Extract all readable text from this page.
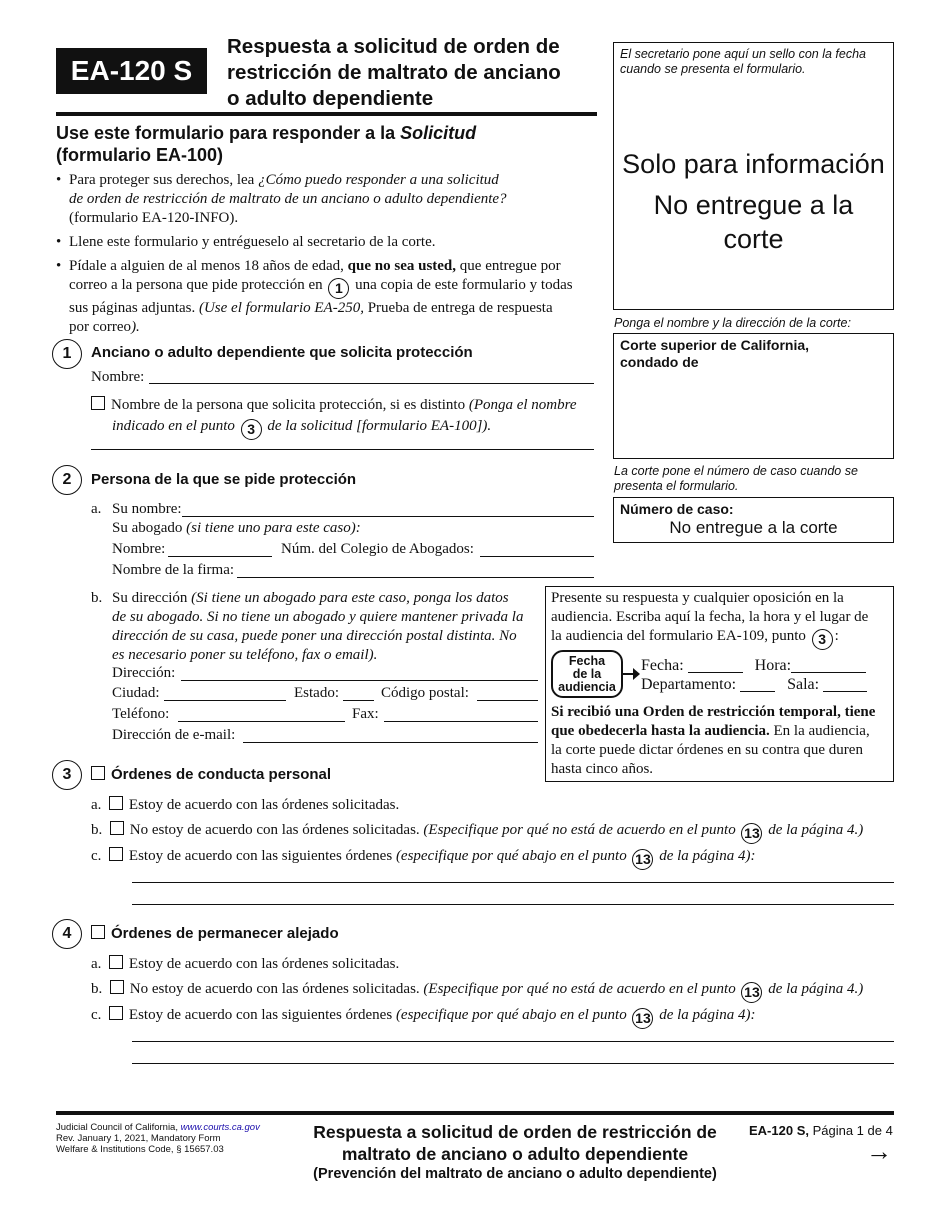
EA-120 S
Respuesta a solicitud de orden de
restricción de maltrato de anciano
o adulto dependiente
El secretario pone aquí un sello con la fecha
cuando se presenta el formulario.
Solo para información
No entregue a la
corte
Ponga el nombre y la dirección de la corte:
Corte superior de California,
condado de
La corte pone el número de caso cuando se
presenta el formulario.
Número de caso:
No entregue a la corte
Use este formulario para responder a la Solicitud
(formulario EA-100)
• Para proteger sus derechos, lea ¿Cómo puedo responder a una solicitud
de orden de restricción de maltrato de un anciano o adulto dependiente?
(formulario EA-120-INFO).
• Llene este formulario y entrégueselo al secretario de la corte.
• Pídale a alguien de al menos 18 años de edad, que no sea usted, que entregue por
correo a la persona que pide protección en 1 una copia de este formulario y todas
sus páginas adjuntas. (Use el formulario EA-250, Prueba de entrega de respuesta
por correo).
1	Anciano o adulto dependiente que solicita protección
Nombre:
Nombre de la persona que solicita protección, si es distinto (Ponga el nombre
indicado en el punto 3 de la solicitud [formulario EA-100]).
2	Persona de la que se pide protección
a. Su nombre:
Su abogado (si tiene uno para este caso):
Nombre:	Núm. del Colegio de Abogados:
Nombre de la firma:
b. Su dirección (Si tiene un abogado para este caso, ponga los datos
de su abogado. Si no tiene un abogado y quiere mantener privada la
dirección de su casa, puede poner una dirección postal distinta. No
es necesario poner su teléfono, fax o email).
Dirección:
Ciudad:	Estado:	Código postal:
Teléfono:	Fax:
Dirección de e-mail:
Presente su respuesta y cualquier oposición en la
audiencia. Escriba aquí la fecha, la hora y el lugar de
la audiencia del formulario EA-109, punto 3 :
Fecha
de la
audiencia
Fecha:	Hora:
Departamento:	Sala:
Si recibió una Orden de restricción temporal, tiene
que obedecerla hasta la audiencia. En la audiencia,
la corte puede dictar órdenes en su contra que duren
hasta cinco años.
3	Órdenes de conducta personal
a.  Estoy de acuerdo con las órdenes solicitadas.
b.  No estoy de acuerdo con las órdenes solicitadas. (Especifique por qué no está de acuerdo en el punto 13 de la página 4.)
c.  Estoy de acuerdo con las siguientes órdenes (especifique por qué abajo en el punto 13 de la página 4):
4	Órdenes de permanecer alejado
a.  Estoy de acuerdo con las órdenes solicitadas.
b.  No estoy de acuerdo con las órdenes solicitadas. (Especifique por qué no está de acuerdo en el punto 13 de la página 4.)
c.  Estoy de acuerdo con las siguientes órdenes (especifique por qué abajo en el punto 13 de la página 4):
Judicial Council of California, www.courts.ca.gov
Rev. January 1, 2021, Mandatory Form
Welfare & Institutions Code, § 15657.03
Respuesta a solicitud de orden de restricción de
maltrato de anciano o adulto dependiente
(Prevención del maltrato de anciano o adulto dependiente)
EA-120 S, Página 1 de 4
→
